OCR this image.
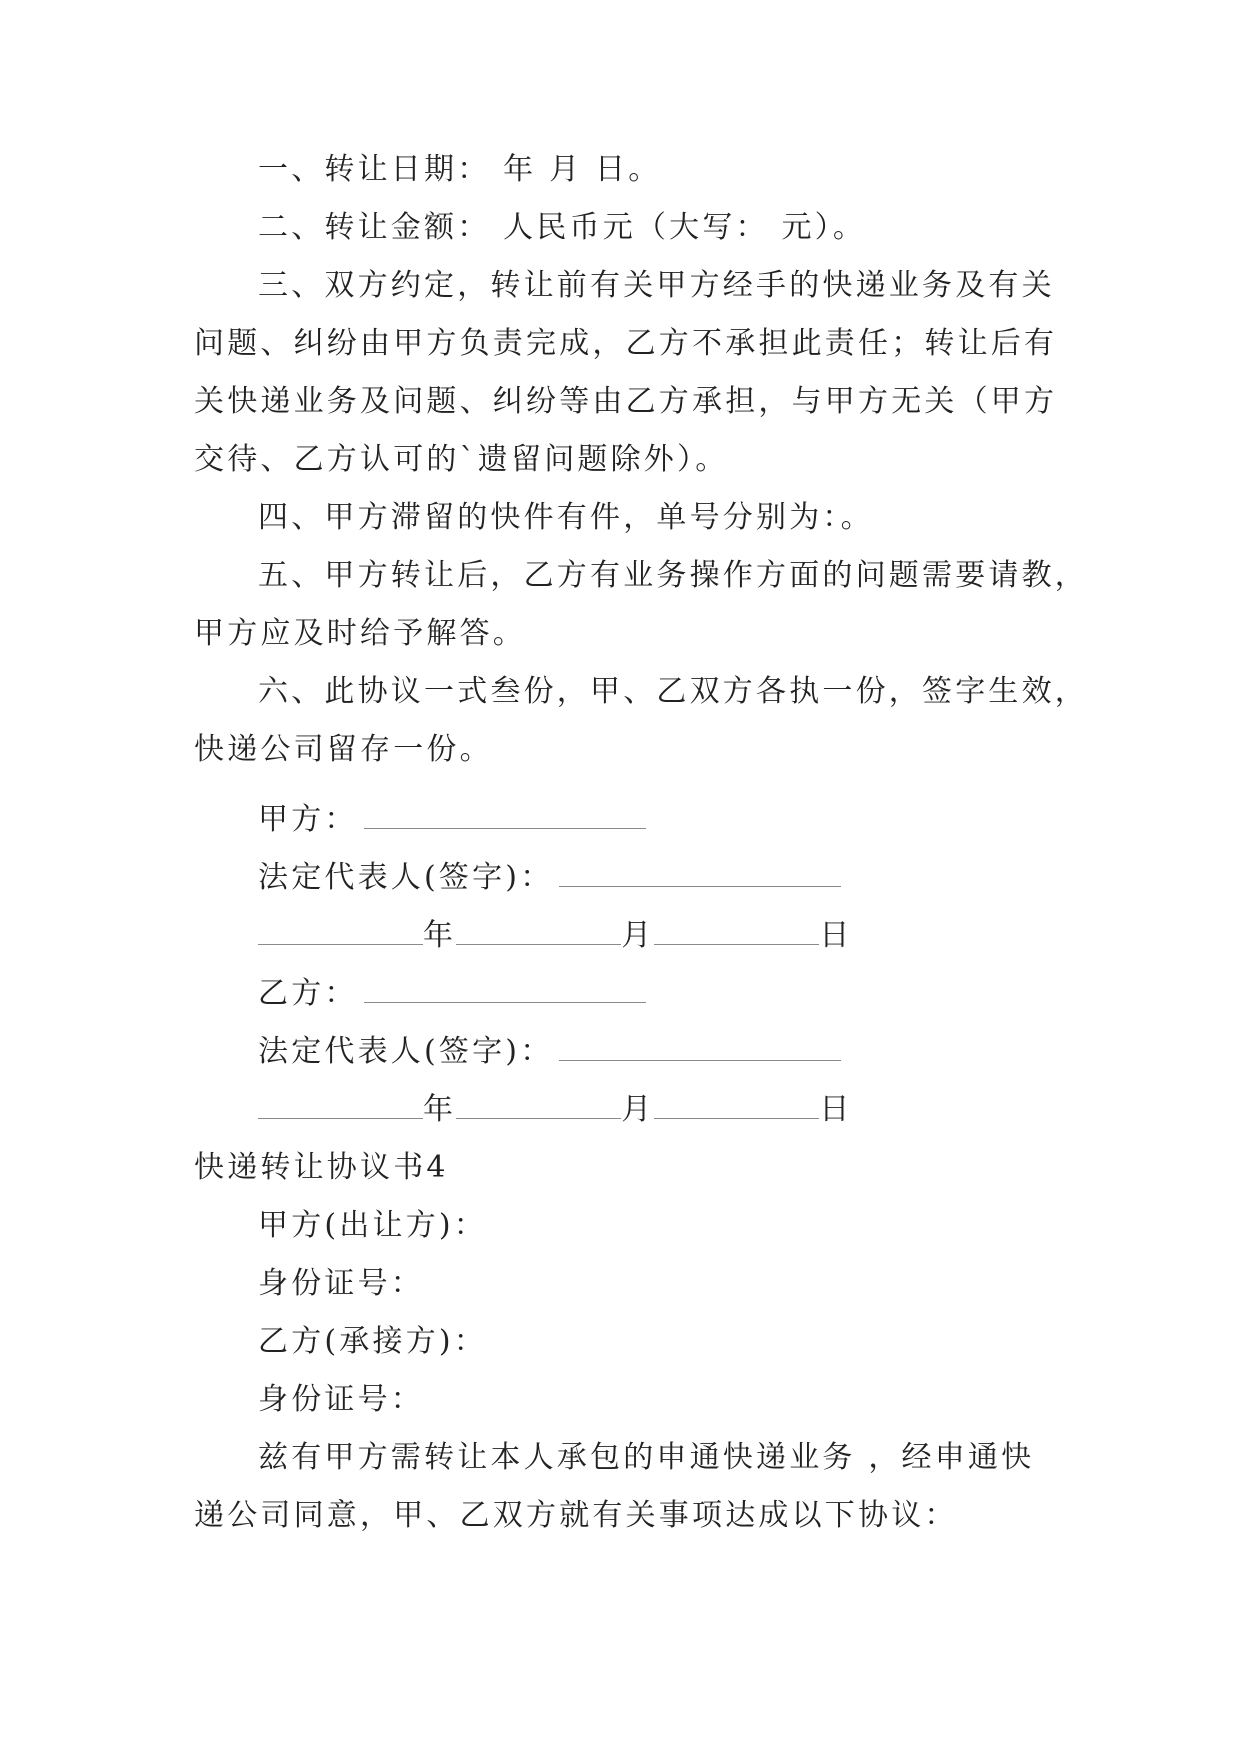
一、转让日期： 年 月 日。
二、转让金额： 人民币元（大写： 元）。
三、双方约定，转让前有关甲方经手的快递业务及有关
问题、纠纷由甲方负责完成，乙方不承担此责任；转让后有
关快递业务及问题、纠纷等由乙方承担，与甲方无关（甲方
交待、乙方认可的`遗留问题除外）。
四、甲方滞留的快件有件，单号分别为：。
五、甲方转让后，乙方有业务操作方面的问题需要请教，
甲方应及时给予解答。
六、此协议一式叁份，甲、乙双方各执一份，签字生效，
快递公司留存一份。
甲方：
法定代表人(签字)：
年	月	日
乙方：
法定代表人(签字)：
年	月	日
快递转让协议书4
甲方(出让方)：
身份证号：
乙方(承接方)：
身份证号：
兹有甲方需转让本人承包的申通快递业务 ，经申通快
递公司同意，甲、乙双方就有关事项达成以下协议：
